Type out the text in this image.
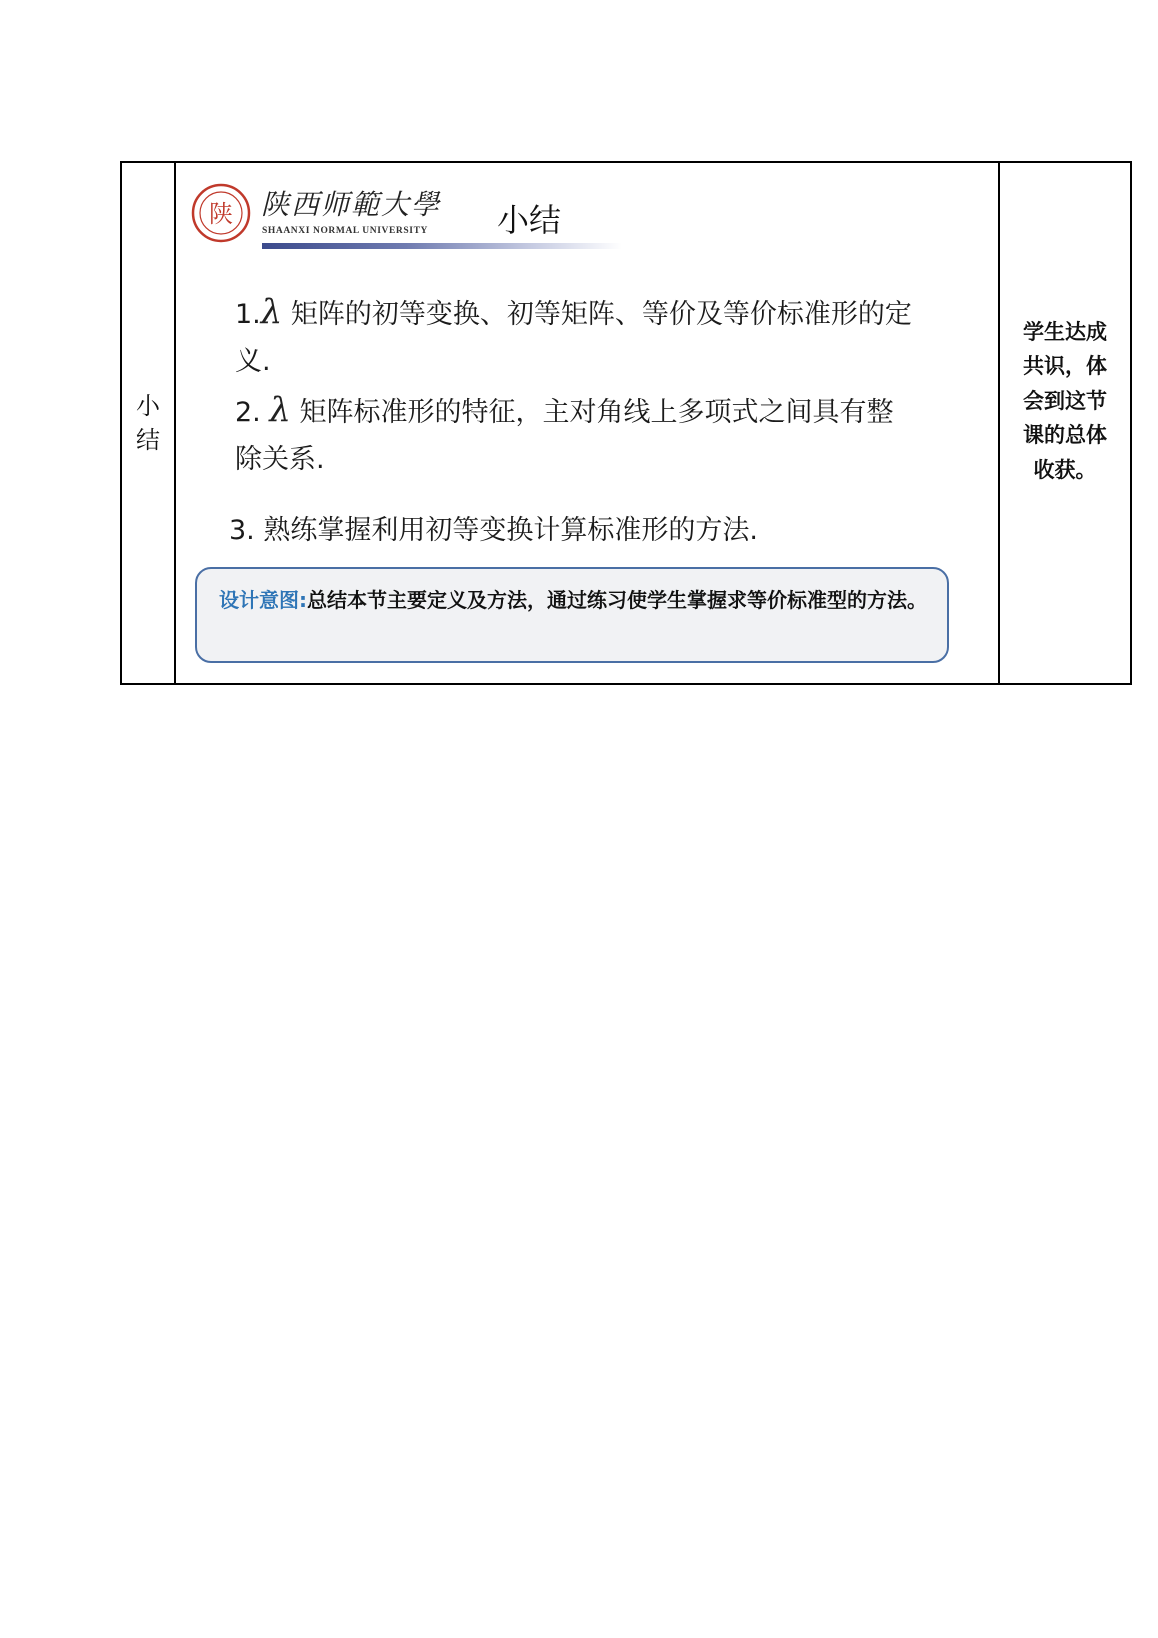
小结
陕 陕西师範大學
SHAANXI NORMAL UNIVERSITY 小结
1.λ 矩阵的初等变换、初等矩阵、等价及等价标准形的定义.
2. λ 矩阵标准形的特征，主对角线上多项式之间具有整除关系.
3. 熟练掌握利用初等变换计算标准形的方法.
设计意图:总结本节主要定义及方法，通过练习使学生掌握求等价标准型的方法。
学生达成共识，体会到这节课的总体收获。
